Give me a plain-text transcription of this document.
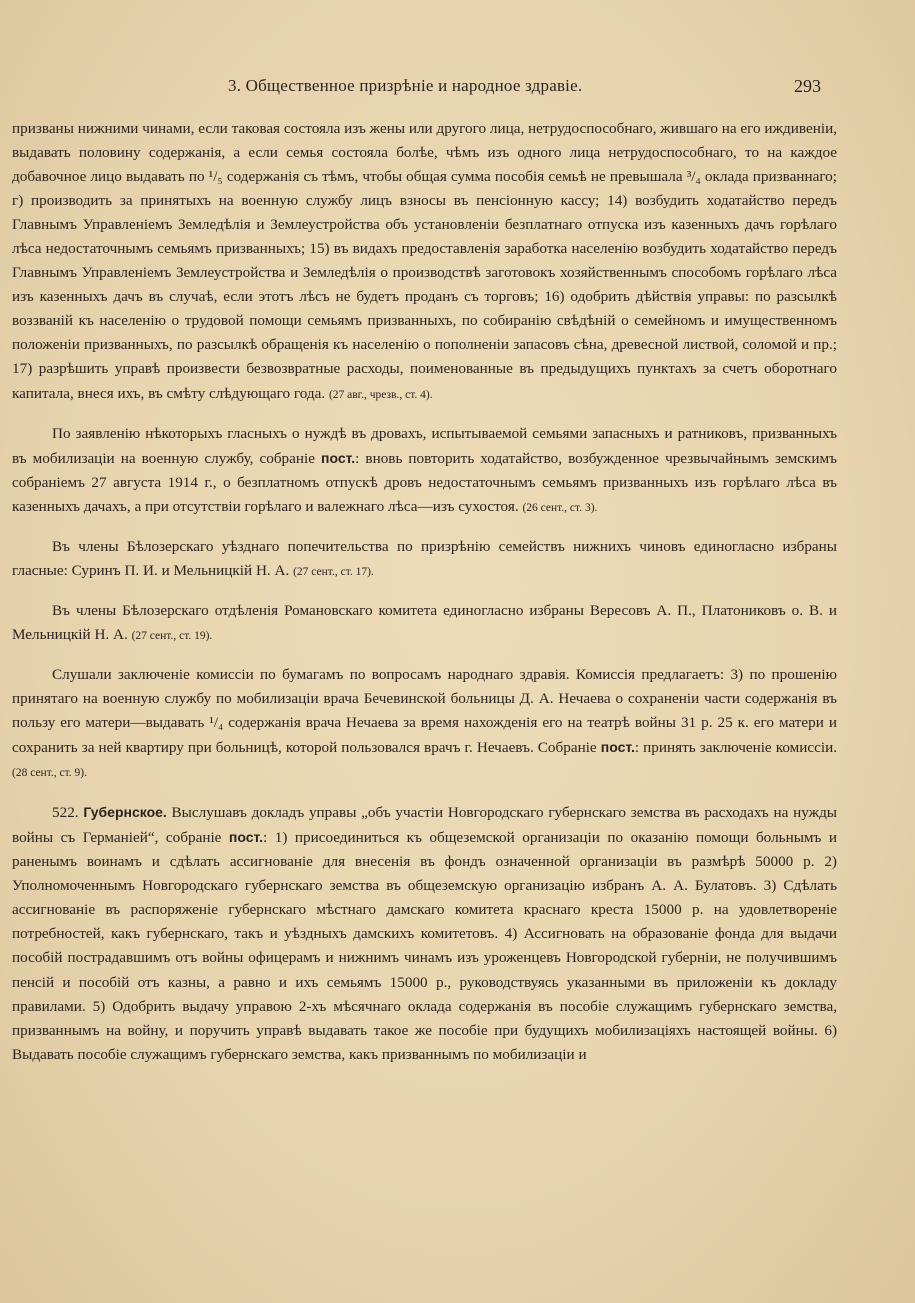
3. Общественное призрѣніе и народное здравіе.	293

призваны нижними чинами, если таковая состояла изъ жены или другого лица, нетрудоспособнаго, жившаго на его иждивеніи, выдавать половину содержанія, а если семья состояла болѣе, чѣмъ изъ одного лица нетрудоспособнаго, то на каждое добавочное лицо выдавать по ¹/₅ содержанія съ тѣмъ, чтобы общая сумма пособія семьѣ не превышала ³/₄ оклада призваннаго; г) производить за принятыхъ на военную службу лицъ взносы въ пенсіонную кассу; 14) возбудить ходатайство передъ Главнымъ Управленіемъ Земледѣлія и Землеустройства объ установленіи безплатнаго отпуска изъ казенныхъ дачъ горѣлаго лѣса недостаточнымъ семьямъ призванныхъ; 15) въ видахъ предоставленія заработка населенію возбудить ходатайство передъ Главнымъ Управленіемъ Землеустройства и Земледѣлія о производствѣ заготовокъ хозяйственнымъ способомъ горѣлаго лѣса изъ казенныхъ дачъ въ случаѣ, если этотъ лѣсъ не будетъ проданъ съ торговъ; 16) одобрить дѣйствія управы: по разсылкѣ воззваній къ населенію о трудовой помощи семьямъ призванныхъ, по собиранію свѣдѣній о семейномъ и имущественномъ положеніи призванныхъ, по разсылкѣ обращенія къ населенію о пополненіи запасовъ сѣна, древесной листвой, соломой и пр.; 17) разрѣшить управѣ произвести безвозвратные расходы, поименованные въ предыдущихъ пунктахъ за счетъ оборотнаго капитала, внеся ихъ, въ смѣту слѣдующаго года. (27 авг., чрезв., ст. 4).

По заявленію нѣкоторыхъ гласныхъ о нуждѣ въ дровахъ, испытываемой семьями запасныхъ и ратниковъ, призванныхъ въ мобилизаціи на военную службу, собраніе пост.: вновь повторить ходатайство, возбужденное чрезвычайнымъ земскимъ собраніемъ 27 августа 1914 г., о безплатномъ отпускѣ дровъ недостаточнымъ семьямъ призванныхъ изъ горѣлаго лѣса въ казенныхъ дачахъ, а при отсутствіи горѣлаго и валежнаго лѣса—изъ сухостоя. (26 сент., ст. 3).

Въ члены Бѣлозерскаго уѣзднаго попечительства по призрѣнію семействъ нижнихъ чиновъ единогласно избраны гласные: Суринъ П. И. и Мельницкій Н. А. (27 сент., ст. 17).

Въ члены Бѣлозерскаго отдѣленія Романовскаго комитета единогласно избраны Вересовъ А. П., Платониковъ о. В. и Мельницкій Н. А. (27 сент., ст. 19).

Слушали заключеніе комиссіи по бумагамъ по вопросамъ народнаго здравія. Комиссія предлагаетъ: 3) по прошенію принятаго на военную службу по мобилизаціи врача Бечевинской больницы Д. А. Нечаева о сохраненіи части содержанія въ пользу его матери—выдавать ¹/₄ содержанія врача Нечаева за время нахожденія его на театрѣ войны 31 р. 25 к. его матери и сохранить за ней квартиру при больницѣ, которой пользовался врачъ г. Нечаевъ. Собраніе пост.: принять заключеніе комиссіи. (28 сент., ст. 9).

522. Губернское. Выслушавъ докладъ управы „объ участіи Новгородскаго губернскаго земства въ расходахъ на нужды войны съ Германіей“, собраніе пост.: 1) присоединиться къ общеземской организаціи по оказанію помощи больнымъ и раненымъ воинамъ и сдѣлать ассигнованіе для внесенія въ фондъ означенной организаціи въ размѣрѣ 50000 р. 2) Уполномоченнымъ Новгородскаго губернскаго земства въ общеземскую организацію избранъ А. А. Булатовъ. 3) Сдѣлать ассигнованіе въ распоряженіе губернскаго мѣстнаго дамскаго комитета краснаго креста 15000 р. на удовлетвореніе потребностей, какъ губернскаго, такъ и уѣздныхъ дамскихъ комитетовъ. 4) Ассигновать на образованіе фонда для выдачи пособій пострадавшимъ отъ войны офицерамъ и нижнимъ чинамъ изъ уроженцевъ Новгородской губерніи, не получившимъ пенсій и пособій отъ казны, а равно и ихъ семьямъ 15000 р., руководствуясь указанными въ приложеніи къ докладу правилами. 5) Одобрить выдачу управою 2-хъ мѣсячнаго оклада содержанія въ пособіе служащимъ губернскаго земства, призваннымъ на войну, и поручить управѣ выдавать такое же пособіе при будущихъ мобилизаціяхъ настоящей войны. 6) Выдавать пособіе служащимъ губернскаго земства, какъ призваннымъ по мобилизаціи и
